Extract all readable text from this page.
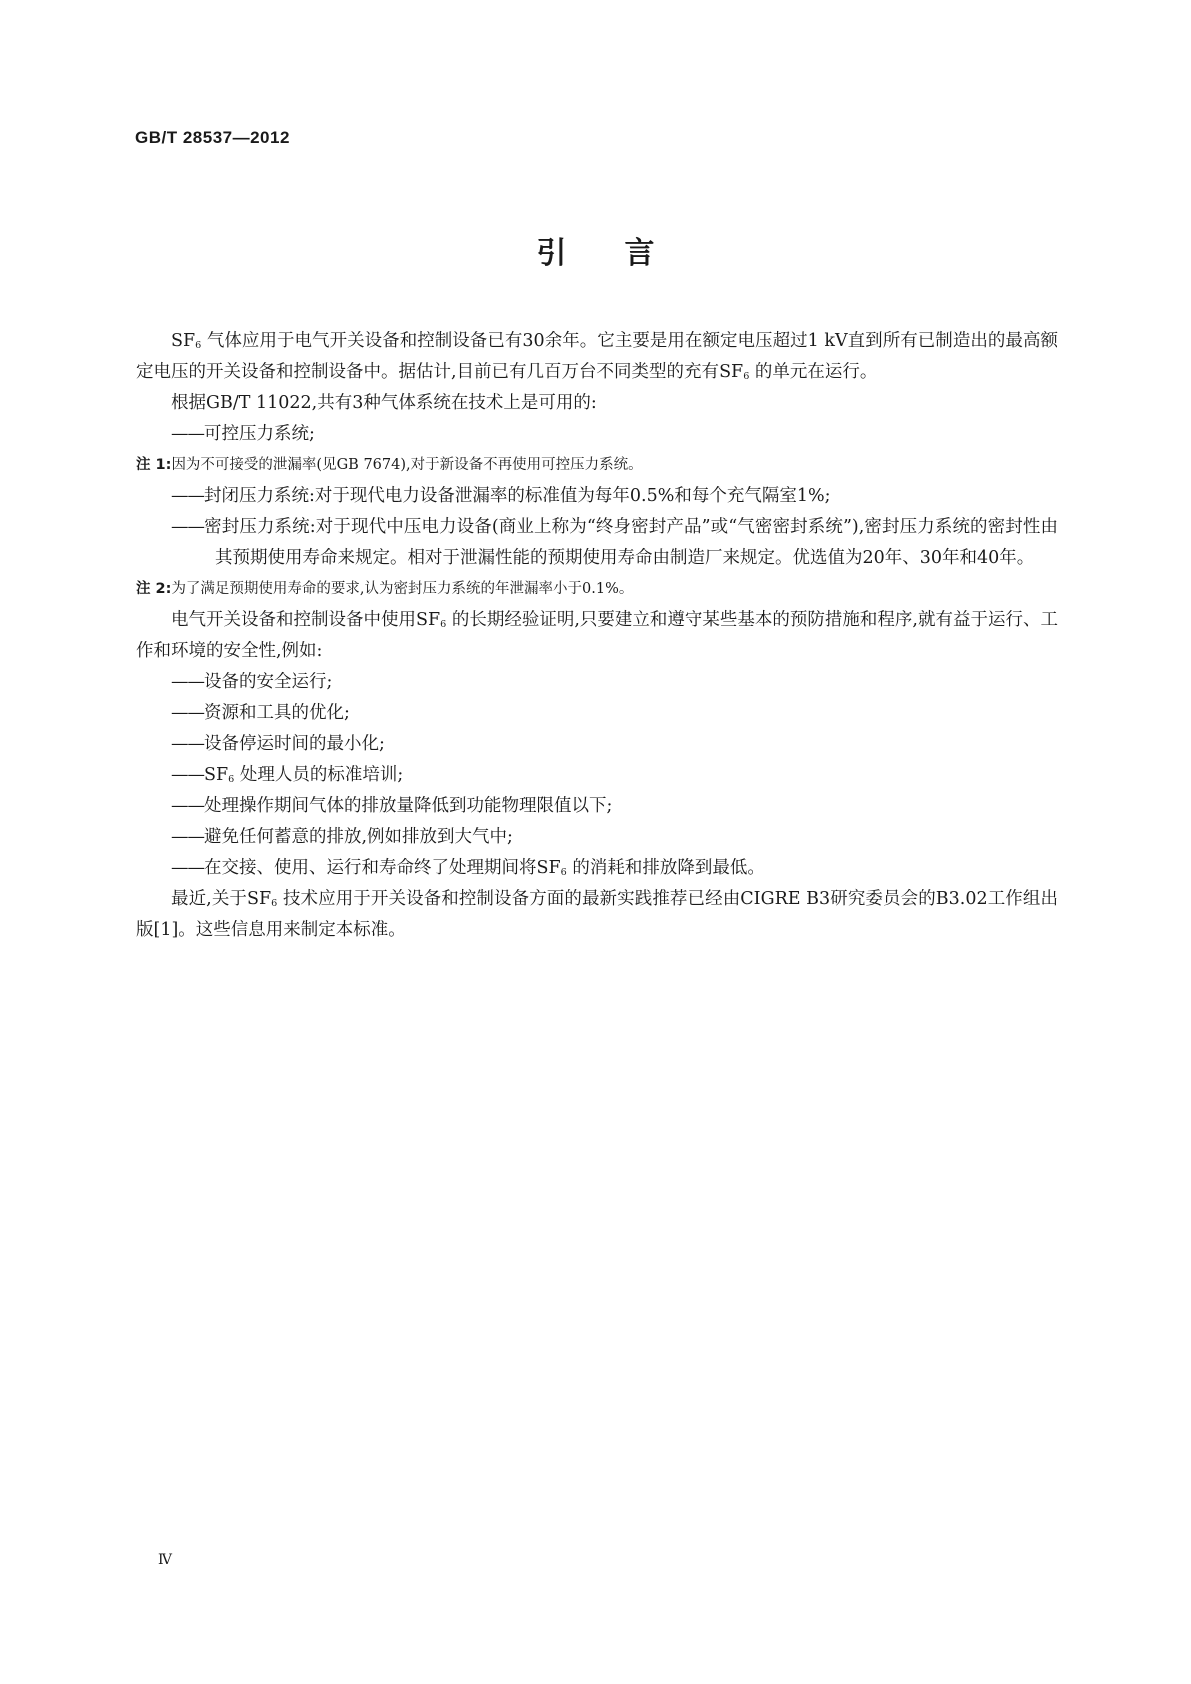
GB/T 28537—2012
引言

$SF_6$ 气体应用于电气开关设备和控制设备已有30余年。它主要是用在额定电压超过1 kV直到所有已制造出的最高额定电压的开关设备和控制设备中。据估计,目前已有几百万台不同类型的充有$SF_6$ 的单元在运行。

根据GB/T 11022,共有3种气体系统在技术上是可用的:

——可控压力系统;

注 1:因为不可接受的泄漏率(见GB 7674),对于新设备不再使用可控压力系统。

——封闭压力系统:对于现代电力设备泄漏率的标准值为每年0.5%和每个充气隔室1%;

——密封压力系统:对于现代中压电力设备(商业上称为“终身密封产品”或“气密密封系统”),密封压力系统的密封性由其预期使用寿命来规定。相对于泄漏性能的预期使用寿命由制造厂来规定。优选值为20年、30年和40年。

注 2:为了满足预期使用寿命的要求,认为密封压力系统的年泄漏率小于0.1%。

电气开关设备和控制设备中使用$SF_6$ 的长期经验证明,只要建立和遵守某些基本的预防措施和程序,就有益于运行、工作和环境的安全性,例如:

——设备的安全运行;

——资源和工具的优化;

——设备停运时间的最小化;

$——SF_6$ 处理人员的标准培训;

——处理操作期间气体的排放量降低到功能物理限值以下;

——避免任何蓄意的排放,例如排放到大气中;

——在交接、使用、运行和寿命终了处理期间将$SF_6$ 的消耗和排放降到最低。

最近,关于$SF_6$ 技术应用于开关设备和控制设备方面的最新实践推荐已经由CIGRE B3研究委员会的B3.02工作组出版[1]。这些信息用来制定本标准。

Ⅳ
